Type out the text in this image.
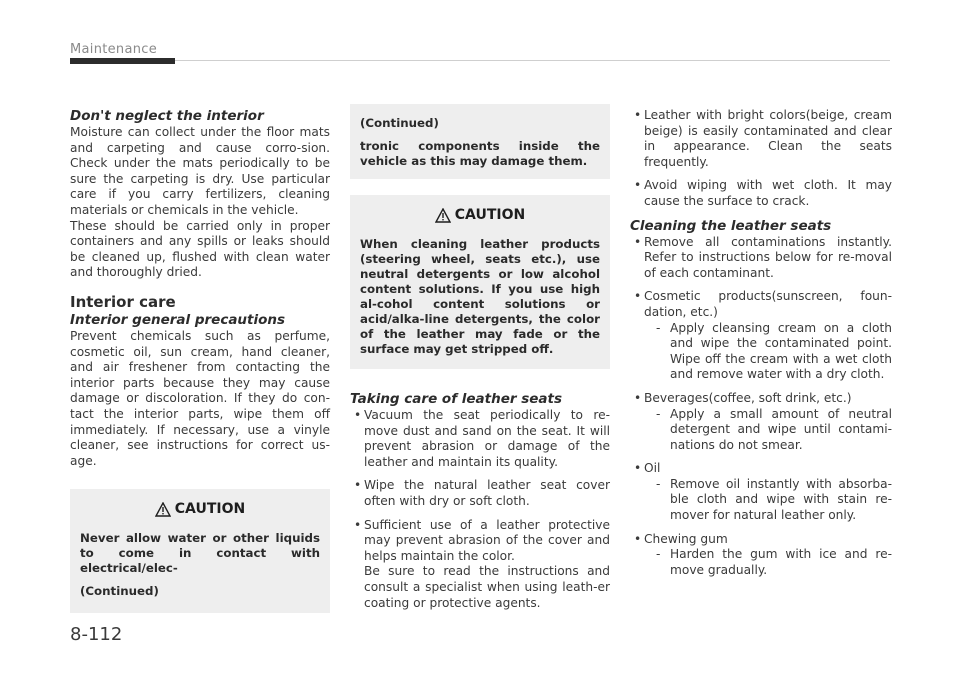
Maintenance
Don't neglect the interior

Moisture can collect under the floor mats and carpeting and cause corro-sion. Check under the mats periodically to be sure the carpeting is dry. Use particular care if you carry fertilizers, cleaning materials or chemicals in the vehicle.

These should be carried only in proper containers and any spills or leaks should be cleaned up, flushed with clean water and thoroughly dried.

Interior care
Interior general precautions

Prevent chemicals such as perfume, cosmetic oil, sun cream, hand cleaner, and air freshener from contacting the interior parts because they may cause damage or discoloration. If they do con-tact the interior parts, wipe them off immediately. If necessary, use a vinyle cleaner, see instructions for correct us-age.

CAUTION
Never allow water or other liquids to come in contact with electrical/elec-
(Continued)
(Continued)
tronic components inside the vehicle as this may damage them.
CAUTION
When cleaning leather products (steering wheel, seats etc.), use neutral detergents or low alcohol content solutions. If you use high al-cohol content solutions or acid/alka-line detergents, the color of the leather may fade or the surface may get stripped off.
Taking care of leather seats
• Vacuum the seat periodically to re-move dust and sand on the seat. It will prevent abrasion or damage of the leather and maintain its quality.
• Wipe the natural leather seat cover often with dry or soft cloth.
• Sufficient use of a leather protective may prevent abrasion of the cover and helps maintain the color.
Be sure to read the instructions and consult a specialist when using leath-er coating or protective agents.
• Leather with bright colors(beige, cream beige) is easily contaminated and clear in appearance. Clean the seats frequently.
• Avoid wiping with wet cloth. It may cause the surface to crack.
Cleaning the leather seats
• Remove all contaminations instantly. Refer to instructions below for re-moval of each contaminant.
• Cosmetic products(sunscreen, foun-dation, etc.)
- Apply cleansing cream on a cloth and wipe the contaminated point. Wipe off the cream with a wet cloth and remove water with a dry cloth.
• Beverages(coffee, soft drink, etc.)
- Apply a small amount of neutral detergent and wipe until contami-nations do not smear.
• Oil
- Remove oil instantly with absorba-ble cloth and wipe with stain re-mover for natural leather only.
• Chewing gum
- Harden the gum with ice and re-move gradually.
8-112
